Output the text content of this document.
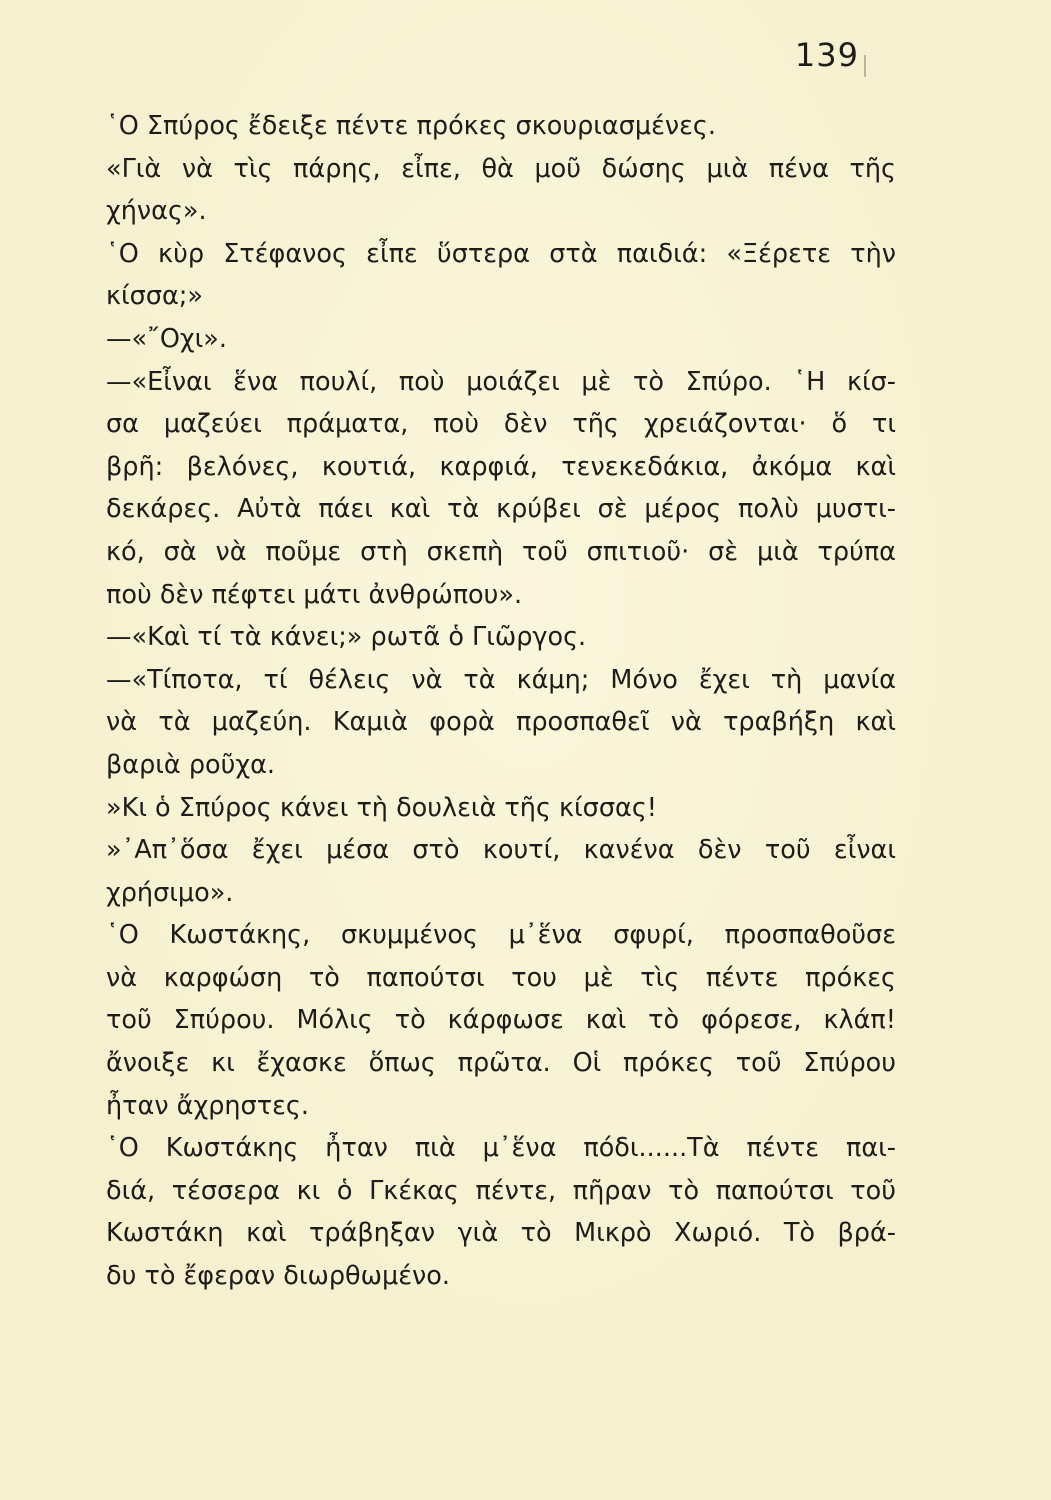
139
῾Ο Σπύρος ἔδειξε πέντε πρόκες σκουριασμένες.
«Γιὰ νὰ τὶς πάρης, εἶπε, θὰ μοῦ δώσης μιὰ πένα τῆς
χήνας».
῾Ο κὺρ Στέφανος εἶπε ὕστερα στὰ παιδιά: «Ξέρετε τὴν
κίσσα;»
—«῎Οχι».
—«Εἶναι ἕνα πουλί, ποὺ μοιάζει μὲ τὸ Σπύρο. ῾Η κίσ-
σα μαζεύει πράματα, ποὺ δὲν τῆς χρειάζονται· ὅ τι
βρῆ: βελόνες, κουτιά, καρφιά, τενεκεδάκια, ἀκόμα καὶ
δεκάρες. Αὐτὰ πάει καὶ τὰ κρύβει σὲ μέρος πολὺ μυστι-
κό, σὰ νὰ ποῦμε στὴ σκεπὴ τοῦ σπιτιοῦ· σὲ μιὰ τρύπα
ποὺ δὲν πέφτει μάτι ἀνθρώπου».
—«Καὶ τί τὰ κάνει;» ρωτᾶ ὁ Γιῶργος.
—«Τίποτα, τί θέλεις νὰ τὰ κάμη; Μόνο ἔχει τὴ μανία
νὰ τὰ μαζεύη. Καμιὰ φορὰ προσπαθεῖ νὰ τραβήξη καὶ
βαριὰ ροῦχα.
»Κι ὁ Σπύρος κάνει τὴ δουλειὰ τῆς κίσσας!
»᾿Απ᾿ὅσα ἔχει μέσα στὸ κουτί, κανένα δὲν τοῦ εἶναι
χρήσιμο».
῾Ο Κωστάκης, σκυμμένος μ᾿ἕνα σφυρί, προσπαθοῦσε
νὰ καρφώση τὸ παπούτσι του μὲ τὶς πέντε πρόκες
τοῦ Σπύρου. Μόλις τὸ κάρφωσε καὶ τὸ φόρεσε, κλάπ!
ἄνοιξε κι ἔχασκε ὅπως πρῶτα. Οἱ πρόκες τοῦ Σπύρου
ἦταν ἄχρηστες.
῾Ο Κωστάκης ἦταν πιὰ μ᾿ἕνα πόδι......Τὰ πέντε παι-
διά, τέσσερα κι ὁ Γκέκας πέντε, πῆραν τὸ παπούτσι τοῦ
Κωστάκη καὶ τράβηξαν γιὰ τὸ Μικρὸ Χωριό. Τὸ βρά-
δυ τὸ ἔφεραν διωρθωμένο.
